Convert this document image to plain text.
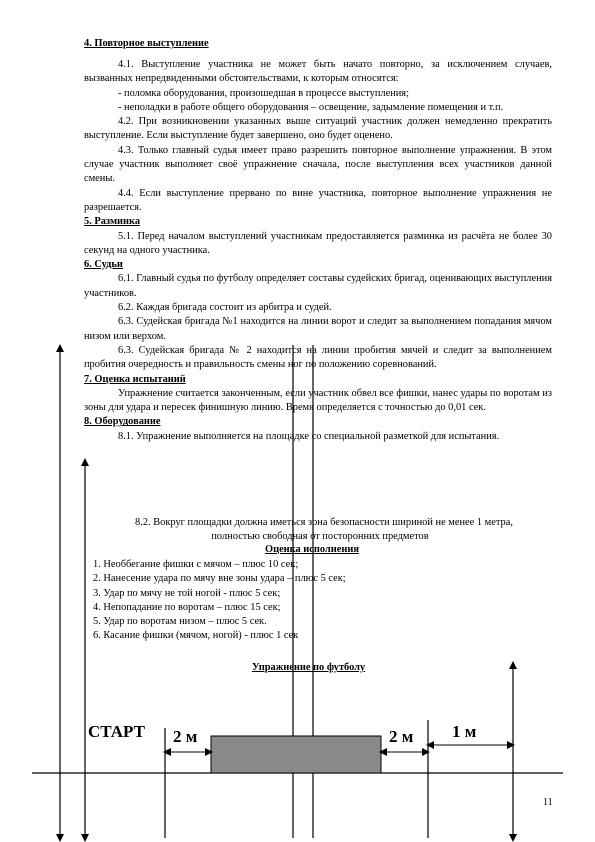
4. Повторное выступление

4.1. Выступление участника не может быть начато повторно, за исключением случаев, вызванных непредвиденными обстоятельствами, к которым относятся:

- поломка оборудования, произошедшая в процессе выступления;

- неполадки в работе общего оборудования – освещение, задымление помещения и т.п.

4.2. При возникновении указанных выше ситуаций участник должен немедленно прекратить выступление. Если выступление будет завершено, оно будет оценено.

4.3. Только главный судья имеет право разрешить повторное выполнение упражнения. В этом случае участник выполняет своё упражнение сначала, после выступления всех участников данной смены.

4.4. Если выступление прервано по вине участника, повторное выполнение упражнения не разрешается.

5. Разминка

5.1. Перед началом выступлений участникам предоставляется разминка из расчёта не более 30 секунд на одного участника.

6. Судьи

6.1. Главный судья по футболу определяет составы судейских бригад, оценивающих выступления участников.

6.2. Каждая бригада состоит из арбитра и судей.

6.3. Судейская бригада №1 находится на линии ворот и следит за выполнением попадания мячом низом или верхом.

6.3. Судейская бригада № 2 находится на линии пробития мячей и следит за выполнением пробития очередность и правильность смены ног по положению соревнований.

7. Оценка испытаний

Упражнение считается законченным, если участник обвел все фишки, нанес удары по воротам из зоны для удара и пересек финишную линию. Время определяется с точностью до 0,01 сек.

8. Оборудование

8.1. Упражнение выполняется на площадке со специальной разметкой для испытания.

8.2. Вокруг площадки должна иметься зона безопасности шириной не менее 1 метра,
полностью свободная от посторонних предметов
Оценка исполнения
1. Необбегание фишки с мячом – плюс 10 сек;
2. Нанесение удара по мячу вне зоны удара – плюс 5 сек;
3. Удар по мячу не той ногой - плюс 5 сек;
4. Непопадание по воротам – плюс 15 сек;
5. Удар по воротам низом – плюс 5 сек.
6. Касание фишки (мячом, ногой) - плюс 1 сек
Упражнение по футболу
СТАРТ 2 м	2 м 1 м
11
